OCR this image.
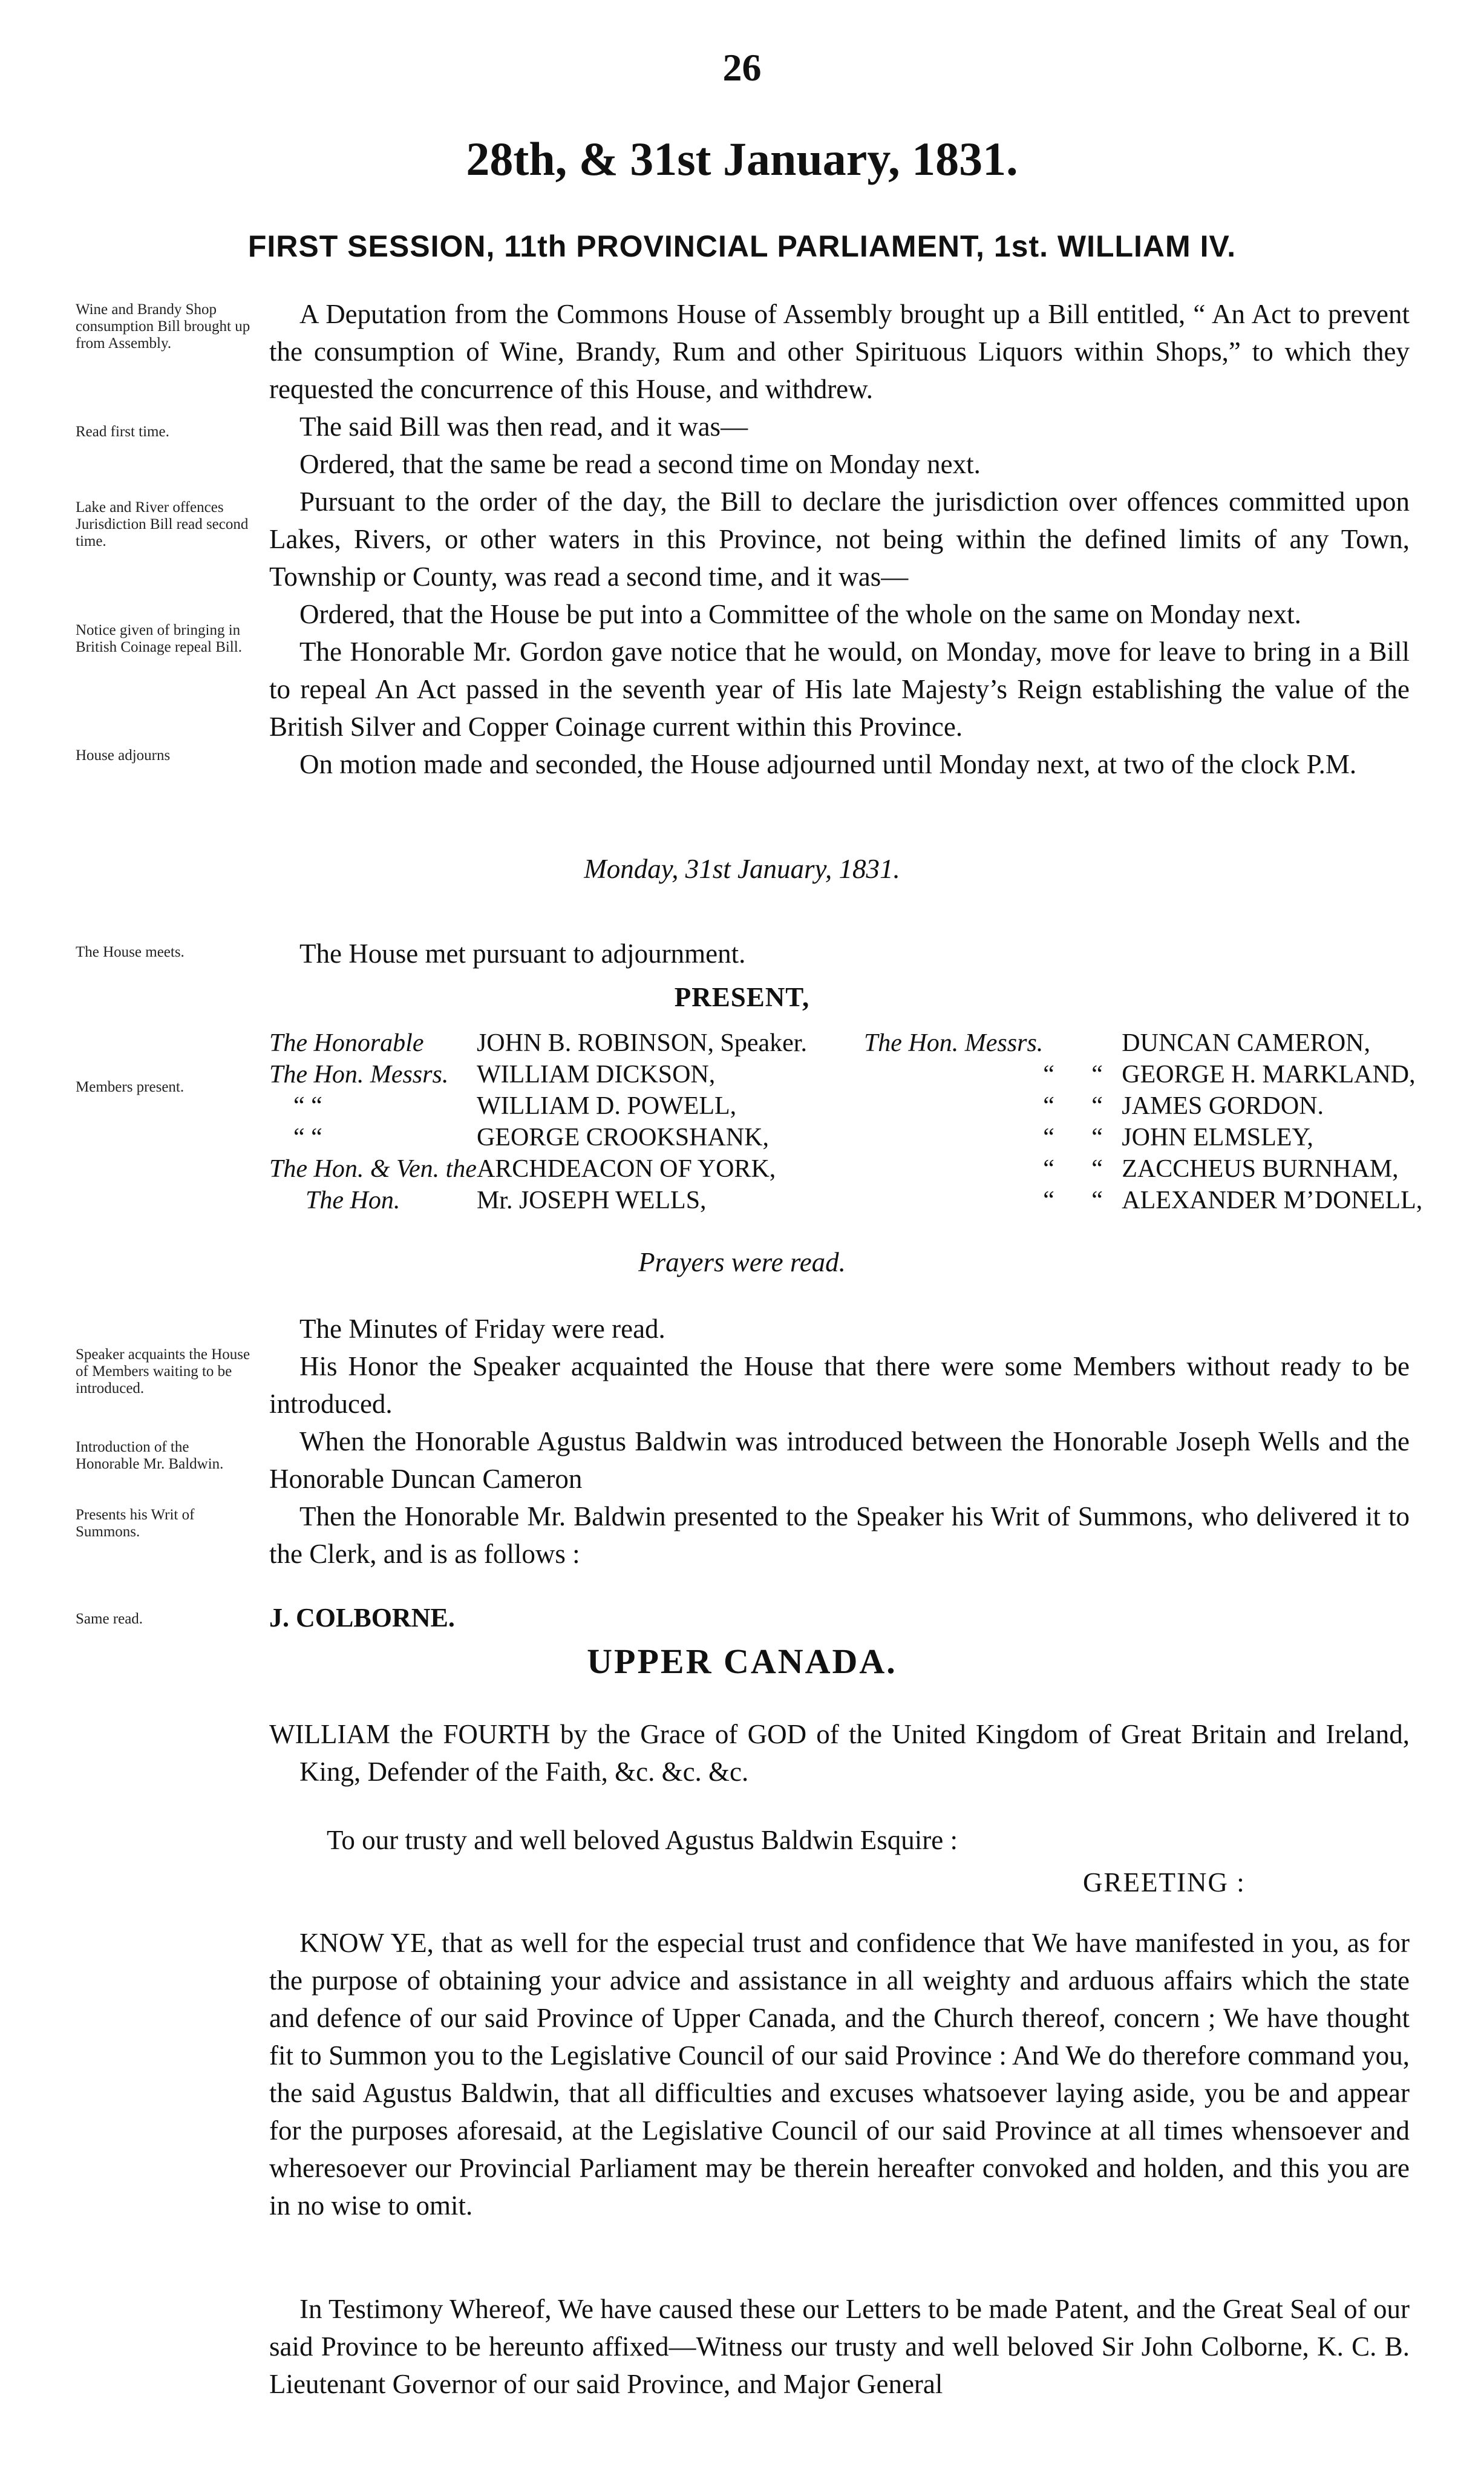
26
28th, & 31st January, 1831.
FIRST SESSION, 11th PROVINCIAL PARLIAMENT, 1st. WILLIAM IV.
Wine and Brandy Shop consumption Bill brought up from Assembly.
Read first time.
Lake and River offences Jurisdiction Bill read second time.
Notice given of bringing in British Coinage repeal Bill.
House adjourns
The House meets.
Members present.
Speaker acquaints the House of Members waiting to be introduced.
Introduction of the Honorable Mr. Baldwin.
Presents his Writ of Summons.
Same read.

A Deputation from the Commons House of Assembly brought up a Bill entitled, “ An Act to prevent the consumption of Wine, Brandy, Rum and other Spirituous Liquors within Shops,” to which they requested the concurrence of this House, and withdrew.

The said Bill was then read, and it was—

Ordered, that the same be read a second time on Monday next.

Pursuant to the order of the day, the Bill to declare the jurisdiction over offences committed upon Lakes, Rivers, or other waters in this Province, not being within the defined limits of any Town, Township or County, was read a second time, and it was—

Ordered, that the House be put into a Committee of the whole on the same on Monday next.

The Honorable Mr. Gordon gave notice that he would, on Monday, move for leave to bring in a Bill to repeal An Act passed in the seventh year of His late Majesty’s Reign establishing the value of the British Silver and Copper Coinage current within this Province.

On motion made and seconded, the House adjourned until Monday next, at two of the clock P.M.

Monday, 31st January, 1831.

The House met pursuant to adjournment.

PRESENT,
The Honorable	JOHN B. ROBINSON, Speaker.	The Hon. Messrs.			DUNCAN CAMERON,
The Hon. Messrs.	WILLIAM DICKSON,		“	“	GEORGE H. MARKLAND,
“ “	WILLIAM D. POWELL,		“	“	JAMES GORDON.
“ “	GEORGE CROOKSHANK,		“	“	JOHN ELMSLEY,
The Hon. & Ven. the	ARCHDEACON OF YORK,		“	“	ZACCHEUS BURNHAM,
The Hon.	Mr. JOSEPH WELLS,		“	“	ALEXANDER M’DONELL,
Prayers were read.

The Minutes of Friday were read.

His Honor the Speaker acquainted the House that there were some Members without ready to be introduced.

When the Honorable Agustus Baldwin was introduced between the Honorable Joseph Wells and the Honorable Duncan Cameron

Then the Honorable Mr. Baldwin presented to the Speaker his Writ of Summons, who delivered it to the Clerk, and is as follows :

J. COLBORNE.
UPPER CANADA.

WILLIAM the FOURTH by the Grace of GOD of the United Kingdom of Great Britain and Ireland, King, Defender of the Faith, &c. &c. &c.

To our trusty and well beloved Agustus Baldwin Esquire :
GREETING :

KNOW YE, that as well for the especial trust and confidence that We have manifested in you, as for the purpose of obtaining your advice and assistance in all weighty and arduous affairs which the state and defence of our said Province of Upper Canada, and the Church thereof, concern ; We have thought fit to Summon you to the Legislative Council of our said Province : And We do therefore command you, the said Agustus Baldwin, that all difficulties and excuses whatsoever laying aside, you be and appear for the purposes aforesaid, at the Legislative Council of our said Province at all times whensoever and wheresoever our Provincial Parliament may be therein hereafter convoked and holden, and this you are in no wise to omit.

In Testimony Whereof, We have caused these our Letters to be made Patent, and the Great Seal of our said Province to be hereunto affixed—Witness our trusty and well beloved Sir John Colborne, K. C. B. Lieutenant Governor of our said Province, and Major General
